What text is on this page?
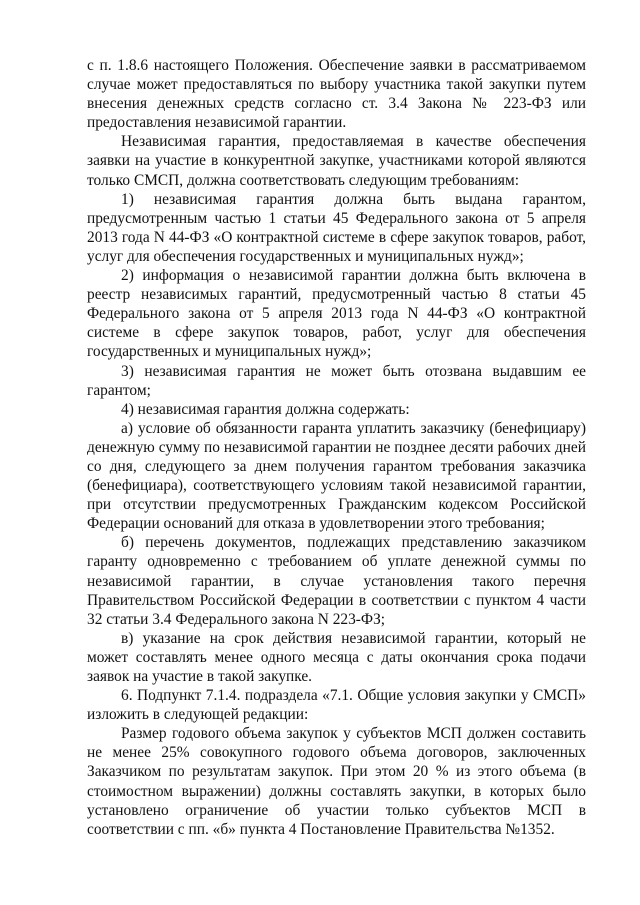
с п. 1.8.6 настоящего Положения. Обеспечение заявки в рассматриваемом случае может предоставляться по выбору участника такой закупки путем внесения денежных средств согласно ст. 3.4 Закона № 223-ФЗ или предоставления независимой гарантии.

Независимая гарантия, предоставляемая в качестве обеспечения заявки на участие в конкурентной закупке, участниками которой являются только СМСП, должна соответствовать следующим требованиям:

1) независимая гарантия должна быть выдана гарантом, предусмотренным частью 1 статьи 45 Федерального закона от 5 апреля 2013 года N 44-ФЗ «О контрактной системе в сфере закупок товаров, работ, услуг для обеспечения государственных и муниципальных нужд»;

2) информация о независимой гарантии должна быть включена в реестр независимых гарантий, предусмотренный частью 8 статьи 45 Федерального закона от 5 апреля 2013 года N 44-ФЗ «О контрактной системе в сфере закупок товаров, работ, услуг для обеспечения государственных и муниципальных нужд»;

3) независимая гарантия не может быть отозвана выдавшим ее гарантом;

4) независимая гарантия должна содержать:

а) условие об обязанности гаранта уплатить заказчику (бенефициару) денежную сумму по независимой гарантии не позднее десяти рабочих дней со дня, следующего за днем получения гарантом требования заказчика (бенефициара), соответствующего условиям такой независимой гарантии, при отсутствии предусмотренных Гражданским кодексом Российской Федерации оснований для отказа в удовлетворении этого требования;

б) перечень документов, подлежащих представлению заказчиком гаранту одновременно с требованием об уплате денежной суммы по независимой гарантии, в случае установления такого перечня Правительством Российской Федерации в соответствии с пунктом 4 части 32 статьи 3.4 Федерального закона N 223-ФЗ;

в) указание на срок действия независимой гарантии, который не может составлять менее одного месяца с даты окончания срока подачи заявок на участие в такой закупке.

6. Подпункт 7.1.4. подраздела «7.1. Общие условия закупки у СМСП» изложить в следующей редакции:

Размер годового объема закупок у субъектов МСП должен составить не менее 25% совокупного годового объема договоров, заключенных Заказчиком по результатам закупок. При этом 20 % из этого объема (в стоимостном выражении) должны составлять закупки, в которых было установлено ограничение об участии только субъектов МСП в соответствии с пп. «б» пункта 4 Постановление Правительства №1352.
